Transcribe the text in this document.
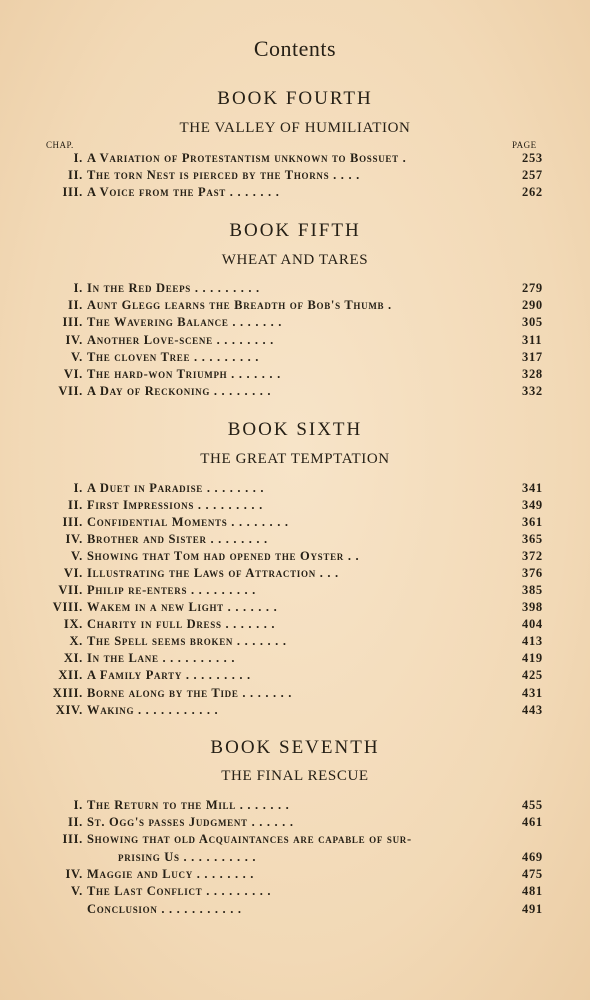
Contents
CHAP.	PAGE
BOOK FOURTH
THE VALLEY OF HUMILIATION
I. A Variation of Protestantism unknown to Bossuet .	253
II. The torn Nest is pierced by the Thorns . . . .	257
III. A Voice from the Past . . . . . . .	262
BOOK FIFTH
WHEAT AND TARES
I. In the Red Deeps . . . . . . . . .	279
II. Aunt Glegg learns the Breadth of Bob's Thumb .	290
III. The Wavering Balance . . . . . . .	305
IV. Another Love-scene . . . . . . . .	311
V. The cloven Tree . . . . . . . . .	317
VI. The hard-won Triumph . . . . . . .	328
VII. A Day of Reckoning . . . . . . . .	332
BOOK SIXTH
THE GREAT TEMPTATION
I. A Duet in Paradise . . . . . . . .	341
II. First Impressions . . . . . . . . .	349
III. Confidential Moments . . . . . . . .	361
IV. Brother and Sister . . . . . . . .	365
V. Showing that Tom had opened the Oyster . .	372
VI. Illustrating the Laws of Attraction . . .	376
VII. Philip re-enters . . . . . . . . .	385
VIII. Wakem in a new Light . . . . . . .	398
IX. Charity in full Dress . . . . . . .	404
X. The Spell seems broken . . . . . . .	413
XI. In the Lane . . . . . . . . . .	419
XII. A Family Party . . . . . . . . .	425
XIII. Borne along by the Tide . . . . . . .	431
XIV. Waking . . . . . . . . . . .	443
BOOK SEVENTH
THE FINAL RESCUE
I. The Return to the Mill . . . . . . .	455
II. St. Ogg's passes Judgment . . . . . .	461
III. Showing that old Acquaintances are capable of sur-
prising Us . . . . . . . . . .	469
IV. Maggie and Lucy . . . . . . . .	475
V. The Last Conflict . . . . . . . . .	481
Conclusion . . . . . . . . . . .	491
